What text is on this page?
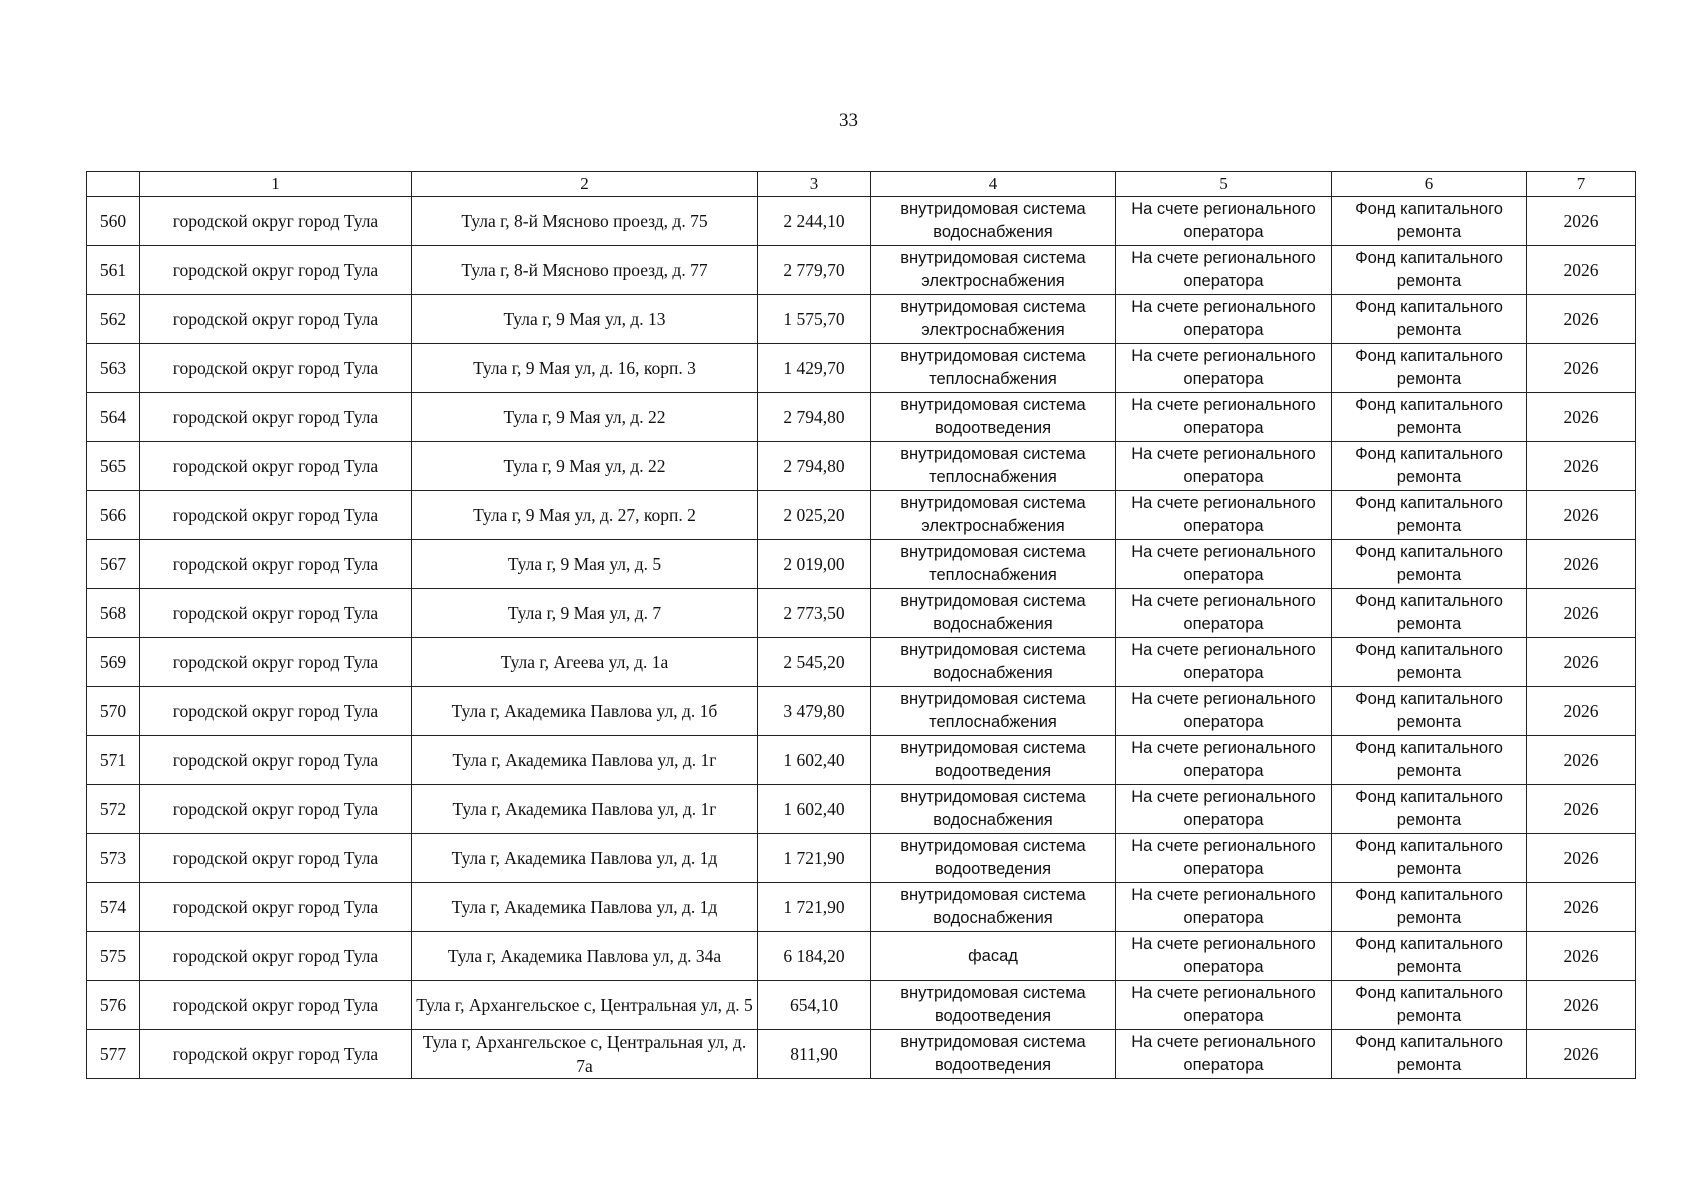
33
	1	2	3	4	5	6	7
560	городской округ город Тула	Тула г, 8-й Мясново проезд, д. 75	2 244,10	внутридомовая система водоснабжения	На счете регионального оператора	Фонд капитального ремонта	2026
561	городской округ город Тула	Тула г, 8-й Мясново проезд, д. 77	2 779,70	внутридомовая система электроснабжения	На счете регионального оператора	Фонд капитального ремонта	2026
562	городской округ город Тула	Тула г, 9 Мая ул, д. 13	1 575,70	внутридомовая система электроснабжения	На счете регионального оператора	Фонд капитального ремонта	2026
563	городской округ город Тула	Тула г, 9 Мая ул, д. 16, корп. 3	1 429,70	внутридомовая система теплоснабжения	На счете регионального оператора	Фонд капитального ремонта	2026
564	городской округ город Тула	Тула г, 9 Мая ул, д. 22	2 794,80	внутридомовая система водоотведения	На счете регионального оператора	Фонд капитального ремонта	2026
565	городской округ город Тула	Тула г, 9 Мая ул, д. 22	2 794,80	внутридомовая система теплоснабжения	На счете регионального оператора	Фонд капитального ремонта	2026
566	городской округ город Тула	Тула г, 9 Мая ул, д. 27, корп. 2	2 025,20	внутридомовая система электроснабжения	На счете регионального оператора	Фонд капитального ремонта	2026
567	городской округ город Тула	Тула г, 9 Мая ул, д. 5	2 019,00	внутридомовая система теплоснабжения	На счете регионального оператора	Фонд капитального ремонта	2026
568	городской округ город Тула	Тула г, 9 Мая ул, д. 7	2 773,50	внутридомовая система водоснабжения	На счете регионального оператора	Фонд капитального ремонта	2026
569	городской округ город Тула	Тула г, Агеева ул, д. 1а	2 545,20	внутридомовая система водоснабжения	На счете регионального оператора	Фонд капитального ремонта	2026
570	городской округ город Тула	Тула г, Академика Павлова ул, д. 1б	3 479,80	внутридомовая система теплоснабжения	На счете регионального оператора	Фонд капитального ремонта	2026
571	городской округ город Тула	Тула г, Академика Павлова ул, д. 1г	1 602,40	внутридомовая система водоотведения	На счете регионального оператора	Фонд капитального ремонта	2026
572	городской округ город Тула	Тула г, Академика Павлова ул, д. 1г	1 602,40	внутридомовая система водоснабжения	На счете регионального оператора	Фонд капитального ремонта	2026
573	городской округ город Тула	Тула г, Академика Павлова ул, д. 1д	1 721,90	внутридомовая система водоотведения	На счете регионального оператора	Фонд капитального ремонта	2026
574	городской округ город Тула	Тула г, Академика Павлова ул, д. 1д	1 721,90	внутридомовая система водоснабжения	На счете регионального оператора	Фонд капитального ремонта	2026
575	городской округ город Тула	Тула г, Академика Павлова ул, д. 34а	6 184,20	фасад	На счете регионального оператора	Фонд капитального ремонта	2026
576	городской округ город Тула	Тула г, Архангельское с, Центральная ул, д. 5	654,10	внутридомовая система водоотведения	На счете регионального оператора	Фонд капитального ремонта	2026
577	городской округ город Тула	Тула г, Архангельское с, Центральная ул, д. 7а	811,90	внутридомовая система водоотведения	На счете регионального оператора	Фонд капитального ремонта	2026
